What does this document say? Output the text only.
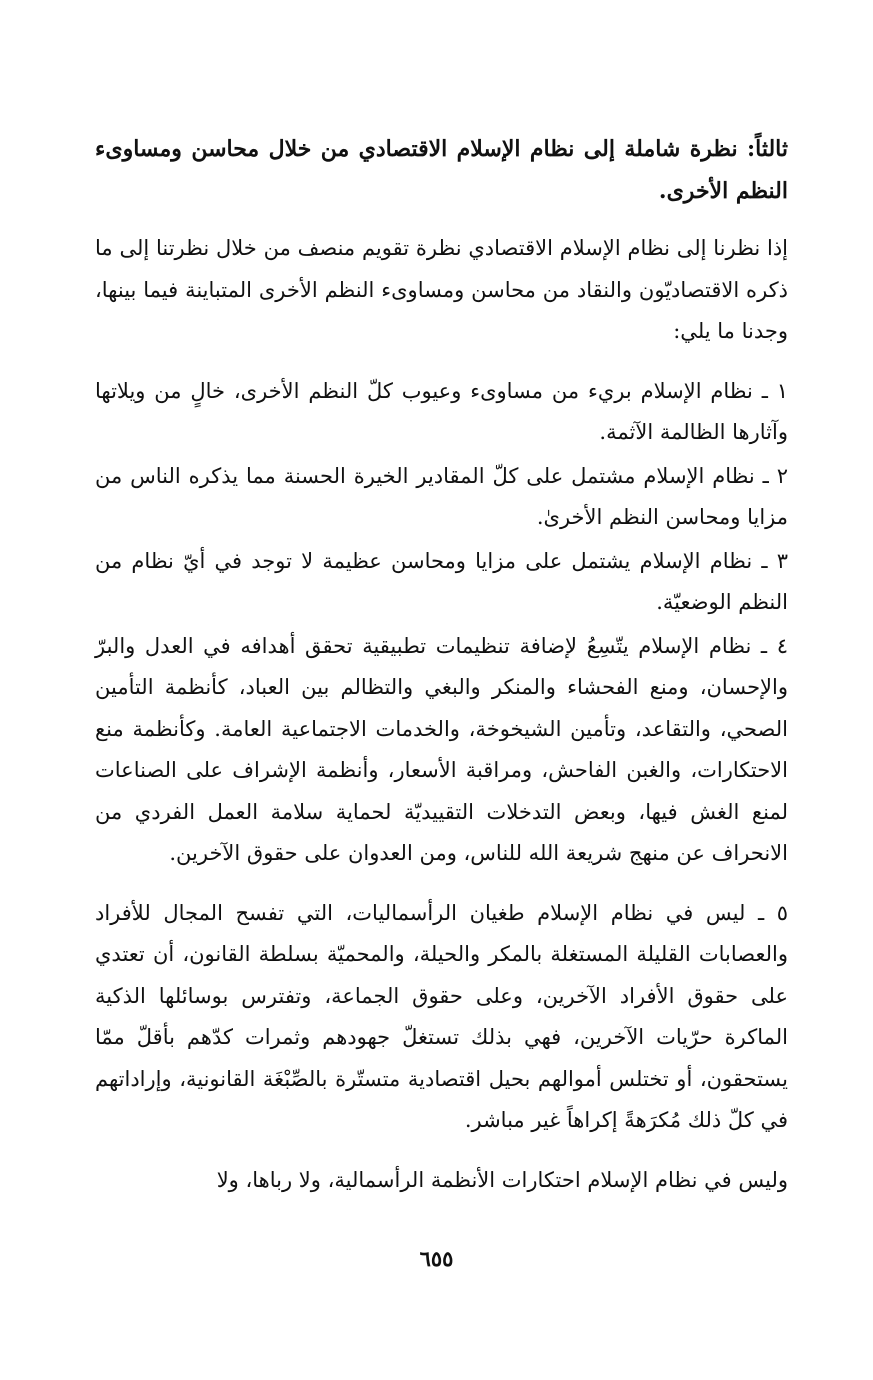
ثالثاً: نظرة شاملة إلى نظام الإسلام الاقتصادي من خلال محاسن ومساوىء النظم الأخرى.

إذا نظرنا إلى نظام الإسلام الاقتصادي نظرة تقويم منصف من خلال نظرتنا إلى ما ذكره الاقتصاديّون والنقاد من محاسن ومساوىء النظم الأخرى المتباينة فيما بينها، وجدنا ما يلي:

١ ـ نظام الإسلام بريء من مساوىء وعيوب كلّ النظم الأخرى، خالٍ من ويلاتها وآثارها الظالمة الآثمة.

٢ ـ نظام الإسلام مشتمل على كلّ المقادير الخيرة الحسنة مما يذكره الناس من مزايا ومحاسن النظم الأخرىٰ.

٣ ـ نظام الإسلام يشتمل على مزايا ومحاسن عظيمة لا توجد في أيّ نظام من النظم الوضعيّة.

٤ ـ نظام الإسلام يتّسِعُ لإضافة تنظيمات تطبيقية تحقق أهدافه في العدل والبرّ والإحسان، ومنع الفحشاء والمنكر والبغي والتظالم بين العباد، كأنظمة التأمين الصحي، والتقاعد، وتأمين الشيخوخة، والخدمات الاجتماعية العامة. وكأنظمة منع الاحتكارات، والغبن الفاحش، ومراقبة الأسعار، وأنظمة الإشراف على الصناعات لمنع الغش فيها، وبعض التدخلات التقييديّة لحماية سلامة العمل الفردي من الانحراف عن منهج شريعة الله للناس، ومن العدوان على حقوق الآخرين.

٥ ـ ليس في نظام الإسلام طغيان الرأسماليات، التي تفسح المجال للأفراد والعصابات القليلة المستغلة بالمكر والحيلة، والمحميّة بسلطة القانون، أن تعتدي على حقوق الأفراد الآخرين، وعلى حقوق الجماعة، وتفترس بوسائلها الذكية الماكرة حرّيات الآخرين، فهي بذلك تستغلّ جهودهم وثمرات كدّهم بأقلّ ممّا يستحقون، أو تختلس أموالهم بحيل اقتصادية متستّرة بالصِّبْغَة القانونية، وإراداتهم في كلّ ذلك مُكرَهةً إكراهاً غير مباشر.

وليس في نظام الإسلام احتكارات الأنظمة الرأسمالية، ولا رباها، ولا

٦٥٥
